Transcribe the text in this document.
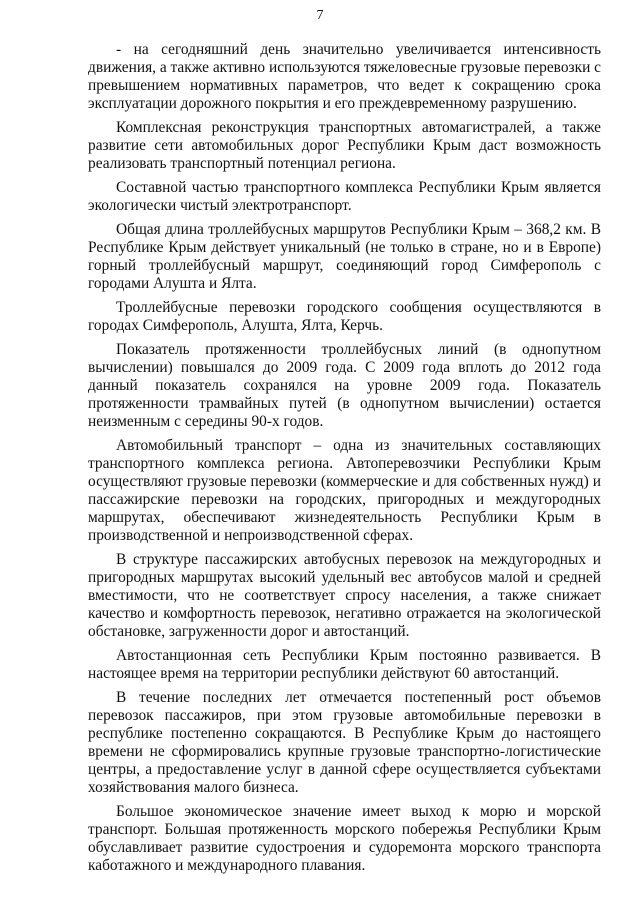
7

- на сегодняшний день значительно увеличивается интенсивность движения, а также активно используются тяжеловесные грузовые перевозки с превышением нормативных параметров, что ведет к сокращению срока эксплуатации дорожного покрытия и его преждевременному разрушению.

Комплексная реконструкция транспортных автомагистралей, а также развитие сети автомобильных дорог Республики Крым даст возможность реализовать транспортный потенциал региона.

Составной частью транспортного комплекса Республики Крым является экологически чистый электротранспорт.

Общая длина троллейбусных маршрутов Республики Крым – 368,2 км. В Республике Крым действует уникальный (не только в стране, но и в Европе) горный троллейбусный маршрут, соединяющий город Симферополь с городами Алушта и Ялта.

Троллейбусные перевозки городского сообщения осуществляются в городах Симферополь, Алушта, Ялта, Керчь.

Показатель протяженности троллейбусных линий (в однопутном вычислении) повышался до 2009 года. С 2009 года вплоть до 2012 года данный показатель сохранялся на уровне 2009 года. Показатель протяженности трамвайных путей (в однопутном вычислении) остается неизменным с середины 90-х годов.

Автомобильный транспорт – одна из значительных составляющих транспортного комплекса региона. Автоперевозчики Республики Крым осуществляют грузовые перевозки (коммерческие и для собственных нужд) и пассажирские перевозки на городских, пригородных и междугородных маршрутах, обеспечивают жизнедеятельность Республики Крым в производственной и непроизводственной сферах.

В структуре пассажирских автобусных перевозок на междугородных и пригородных маршрутах высокий удельный вес автобусов малой и средней вместимости, что не соответствует спросу населения, а также снижает качество и комфортность перевозок, негативно отражается на экологической обстановке, загруженности дорог и автостанций.

Автостанционная сеть Республики Крым постоянно развивается. В настоящее время на территории республики действуют 60 автостанций.

В течение последних лет отмечается постепенный рост объемов перевозок пассажиров, при этом грузовые автомобильные перевозки в республике постепенно сокращаются. В Республике Крым до настоящего времени не сформировались крупные грузовые транспортно-логистические центры, а предоставление услуг в данной сфере осуществляется субъектами хозяйствования малого бизнеса.

Большое экономическое значение имеет выход к морю и морской транспорт. Большая протяженность морского побережья Республики Крым обуславливает развитие судостроения и судоремонта морского транспорта каботажного и международного плавания.
